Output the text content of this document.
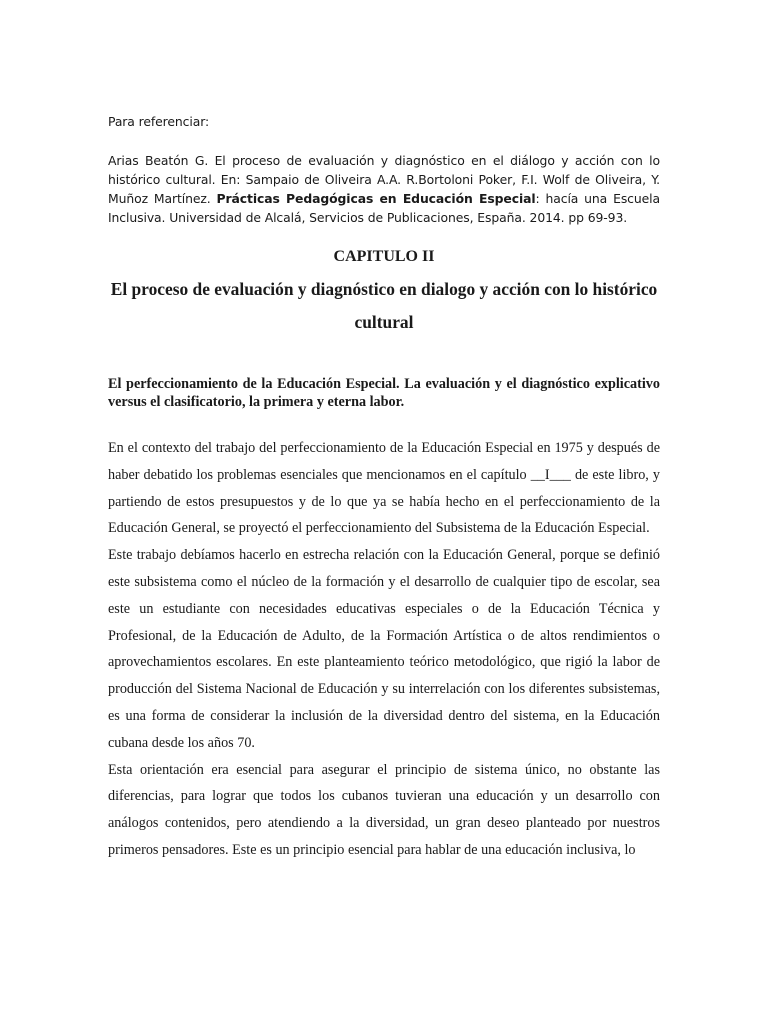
Para referenciar:

Arias Beatón G. El proceso de evaluación y diagnóstico en el diálogo y acción con lo histórico cultural. En: Sampaio de Oliveira A.A. R.Bortoloni Poker, F.I. Wolf de Oliveira, Y. Muñoz Martínez. Prácticas Pedagógicas en Educación Especial: hacía una Escuela Inclusiva. Universidad de Alcalá, Servicios de Publicaciones, España. 2014. pp 69-93.

CAPITULO II
El proceso de evaluación y diagnóstico en dialogo y acción con lo histórico cultural
El perfeccionamiento de la Educación Especial. La evaluación y el diagnóstico explicativo versus el clasificatorio, la primera y eterna labor.

En el contexto del trabajo del perfeccionamiento de la Educación Especial en 1975 y después de haber debatido los problemas esenciales que mencionamos en el capítulo __I___ de este libro, y partiendo de estos presupuestos y de lo que ya se había hecho en el perfeccionamiento de la Educación General, se proyectó el perfeccionamiento del Subsistema de la Educación Especial.

Este trabajo debíamos hacerlo en estrecha relación con la Educación General, porque se definió este subsistema como el núcleo de la formación y el desarrollo de cualquier tipo de escolar, sea este un estudiante con necesidades educativas especiales o de la Educación Técnica y Profesional, de la Educación de Adulto, de la Formación Artística o de altos rendimientos o aprovechamientos escolares. En este planteamiento teórico metodológico, que rigió la labor de producción del Sistema Nacional de Educación y su interrelación con los diferentes subsistemas, es una forma de considerar la inclusión de la diversidad dentro del sistema, en la Educación cubana desde los años 70.

Esta orientación era esencial para asegurar el principio de sistema único, no obstante las diferencias, para lograr que todos los cubanos tuvieran una educación y un desarrollo con análogos contenidos, pero atendiendo a la diversidad, un gran deseo planteado por nuestros primeros pensadores. Este es un principio esencial para hablar de una educación inclusiva, lo
